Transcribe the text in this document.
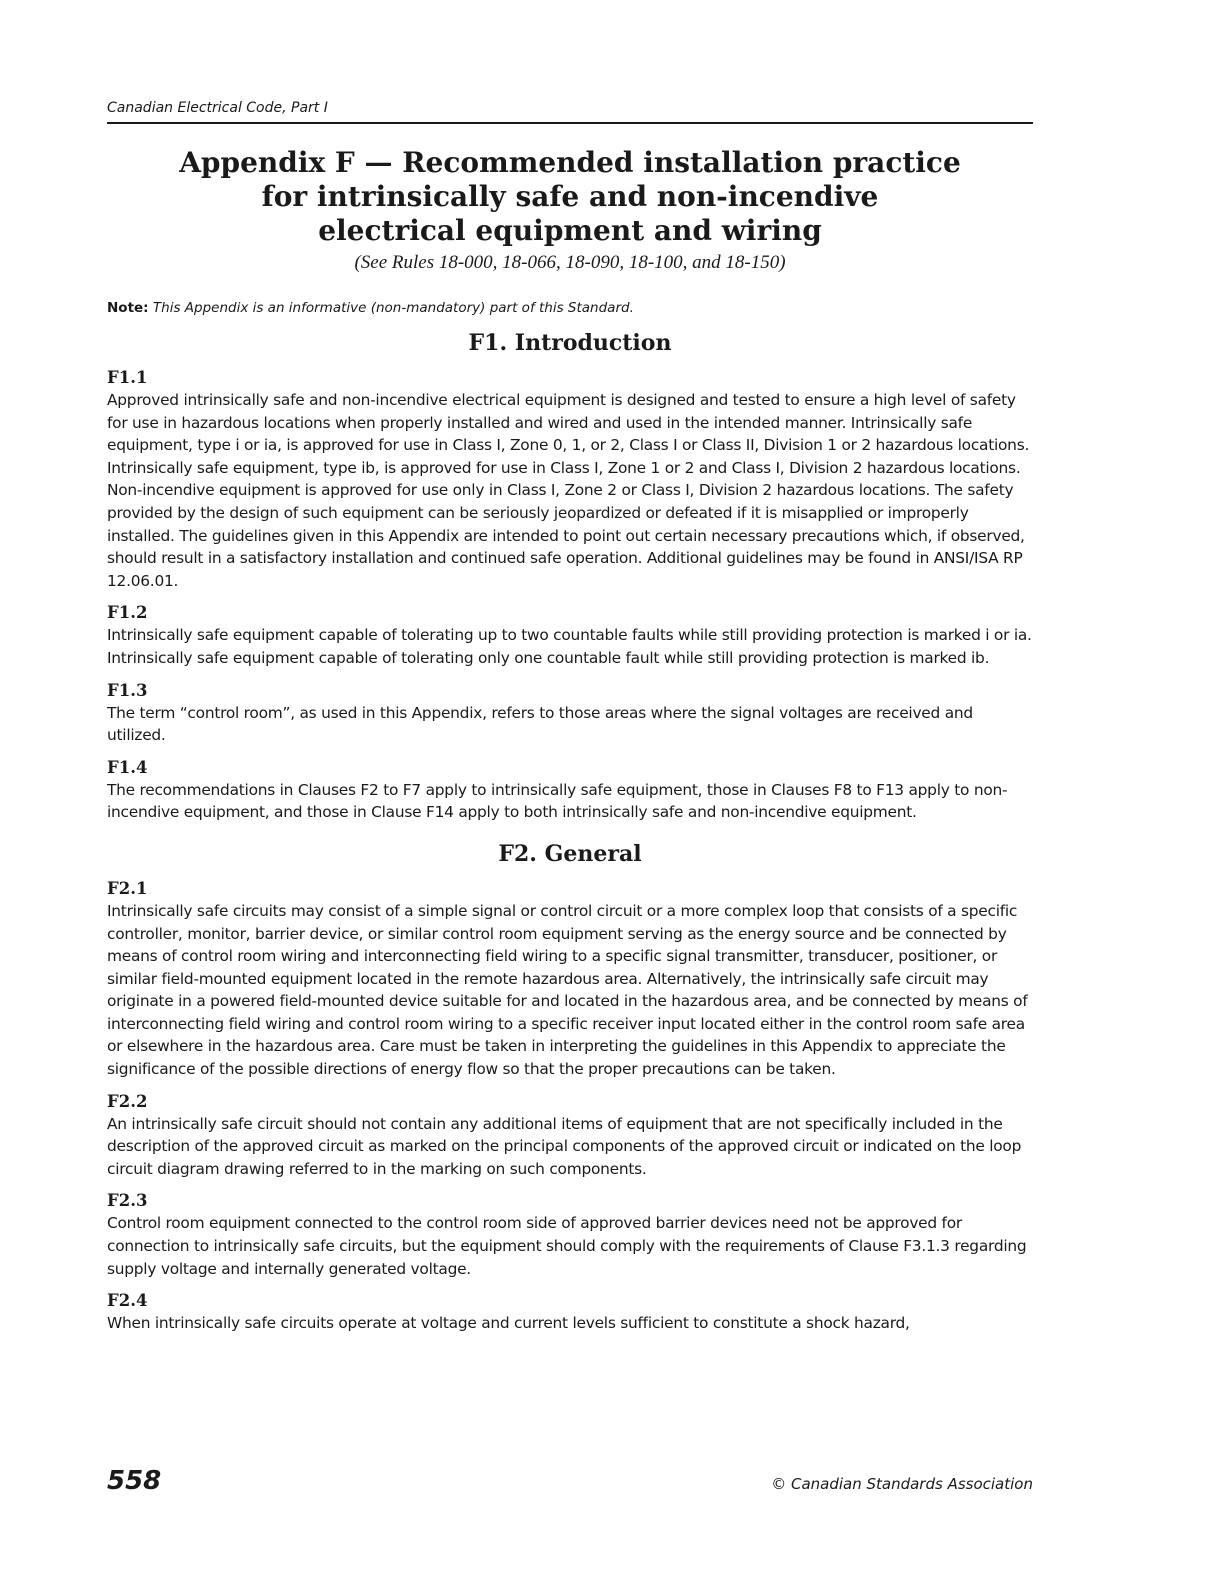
Canadian Electrical Code, Part I
Appendix F — Recommended installation practice
for intrinsically safe and non-incendive
electrical equipment and wiring
(See Rules 18-000, 18-066, 18-090, 18-100, and 18-150)
Note: This Appendix is an informative (non-mandatory) part of this Standard.
F1. Introduction
F1.1
Approved intrinsically safe and non-incendive electrical equipment is designed and tested to ensure a high level of safety for use in hazardous locations when properly installed and wired and used in the intended manner. Intrinsically safe equipment, type i or ia, is approved for use in Class I, Zone 0, 1, or 2, Class I or Class II, Division 1 or 2 hazardous locations. Intrinsically safe equipment, type ib, is approved for use in Class I, Zone 1 or 2 and Class I, Division 2 hazardous locations. Non-incendive equipment is approved for use only in Class I, Zone 2 or Class I, Division 2 hazardous locations. The safety provided by the design of such equipment can be seriously jeopardized or defeated if it is misapplied or improperly installed. The guidelines given in this Appendix are intended to point out certain necessary precautions which, if observed, should result in a satisfactory installation and continued safe operation. Additional guidelines may be found in ANSI/ISA RP 12.06.01.
F1.2
Intrinsically safe equipment capable of tolerating up to two countable faults while still providing protection is marked i or ia. Intrinsically safe equipment capable of tolerating only one countable fault while still providing protection is marked ib.
F1.3
The term “control room”, as used in this Appendix, refers to those areas where the signal voltages are received and utilized.
F1.4
The recommendations in Clauses F2 to F7 apply to intrinsically safe equipment, those in Clauses F8 to F13 apply to non-incendive equipment, and those in Clause F14 apply to both intrinsically safe and non-incendive equipment.
F2. General
F2.1
Intrinsically safe circuits may consist of a simple signal or control circuit or a more complex loop that consists of a specific controller, monitor, barrier device, or similar control room equipment serving as the energy source and be connected by means of control room wiring and interconnecting field wiring to a specific signal transmitter, transducer, positioner, or similar field-mounted equipment located in the remote hazardous area. Alternatively, the intrinsically safe circuit may originate in a powered field-mounted device suitable for and located in the hazardous area, and be connected by means of interconnecting field wiring and control room wiring to a specific receiver input located either in the control room safe area or elsewhere in the hazardous area. Care must be taken in interpreting the guidelines in this Appendix to appreciate the significance of the possible directions of energy flow so that the proper precautions can be taken.
F2.2
An intrinsically safe circuit should not contain any additional items of equipment that are not specifically included in the description of the approved circuit as marked on the principal components of the approved circuit or indicated on the loop circuit diagram drawing referred to in the marking on such components.
F2.3
Control room equipment connected to the control room side of approved barrier devices need not be approved for connection to intrinsically safe circuits, but the equipment should comply with the requirements of Clause F3.1.3 regarding supply voltage and internally generated voltage.
F2.4
When intrinsically safe circuits operate at voltage and current levels sufficient to constitute a shock hazard,
558	© Canadian Standards Association
